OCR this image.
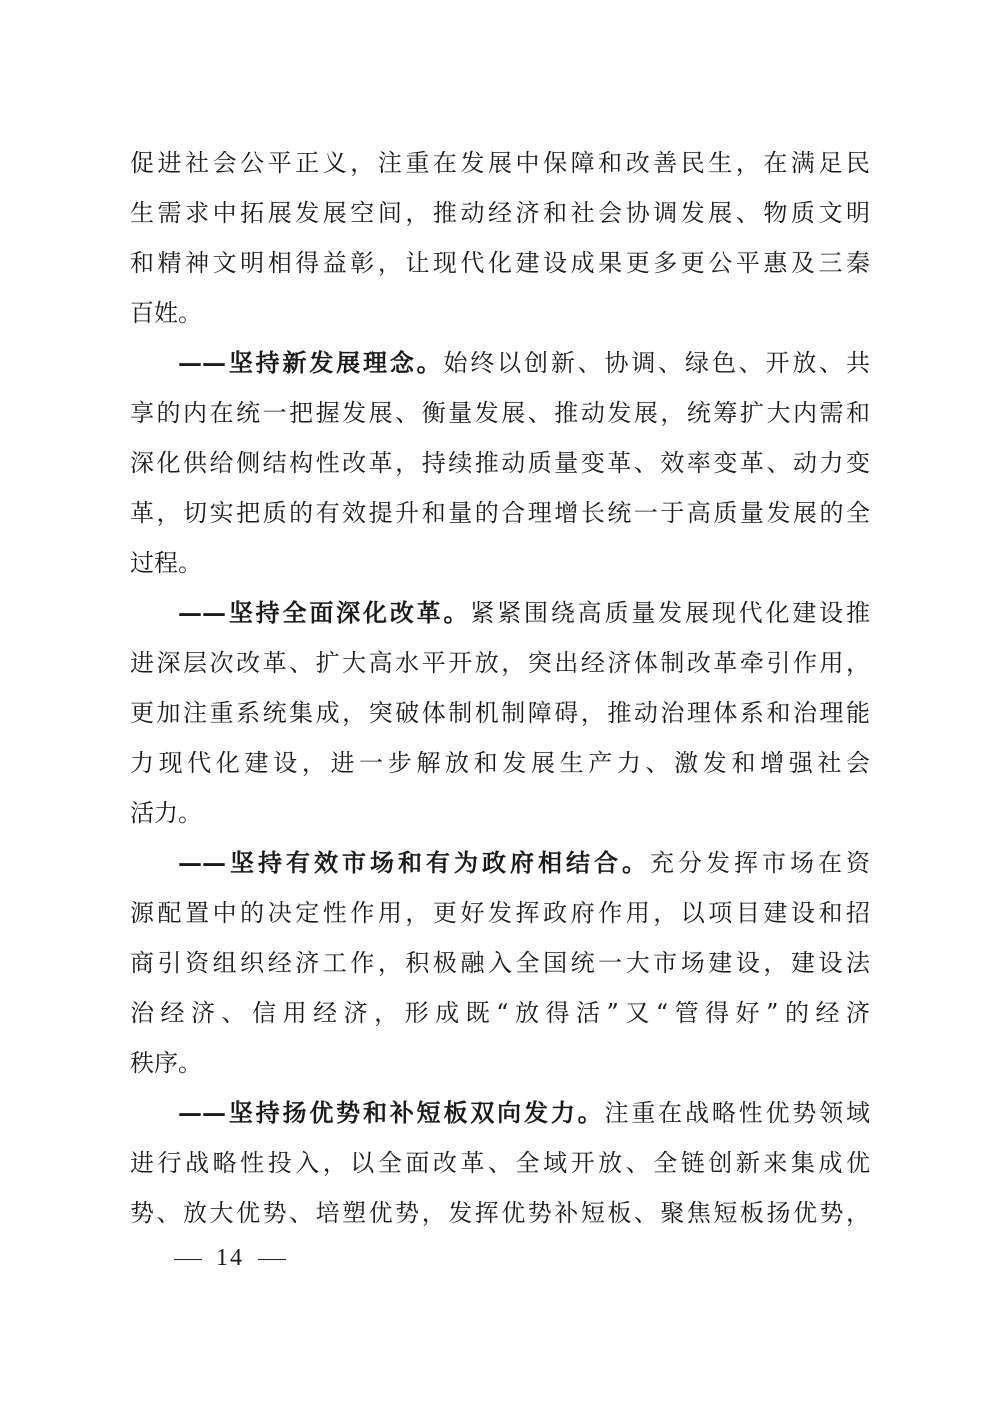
促进社会公平正义，注重在发展中保障和改善民生，在满足民
生需求中拓展发展空间，推动经济和社会协调发展、物质文明
和精神文明相得益彰，让现代化建设成果更多更公平惠及三秦
百姓。
——坚持新发展理念。始终以创新、协调、绿色、开放、共
享的内在统一把握发展、衡量发展、推动发展，统筹扩大内需和
深化供给侧结构性改革，持续推动质量变革、效率变革、动力变
革，切实把质的有效提升和量的合理增长统一于高质量发展的全
过程。
——坚持全面深化改革。紧紧围绕高质量发展现代化建设推
进深层次改革、扩大高水平开放，突出经济体制改革牵引作用，
更加注重系统集成，突破体制机制障碍，推动治理体系和治理能
力现代化建设，进一步解放和发展生产力、激发和增强社会
活力。
——坚持有效市场和有为政府相结合。充分发挥市场在资
源配置中的决定性作用，更好发挥政府作用，以项目建设和招
商引资组织经济工作，积极融入全国统一大市场建设，建设法
治经济、信用经济，形成既“放得活”又“管得好”的经济
秩序。
——坚持扬优势和补短板双向发力。注重在战略性优势领域
进行战略性投入，以全面改革、全域开放、全链创新来集成优
势、放大优势、培塑优势，发挥优势补短板、聚焦短板扬优势，
14
